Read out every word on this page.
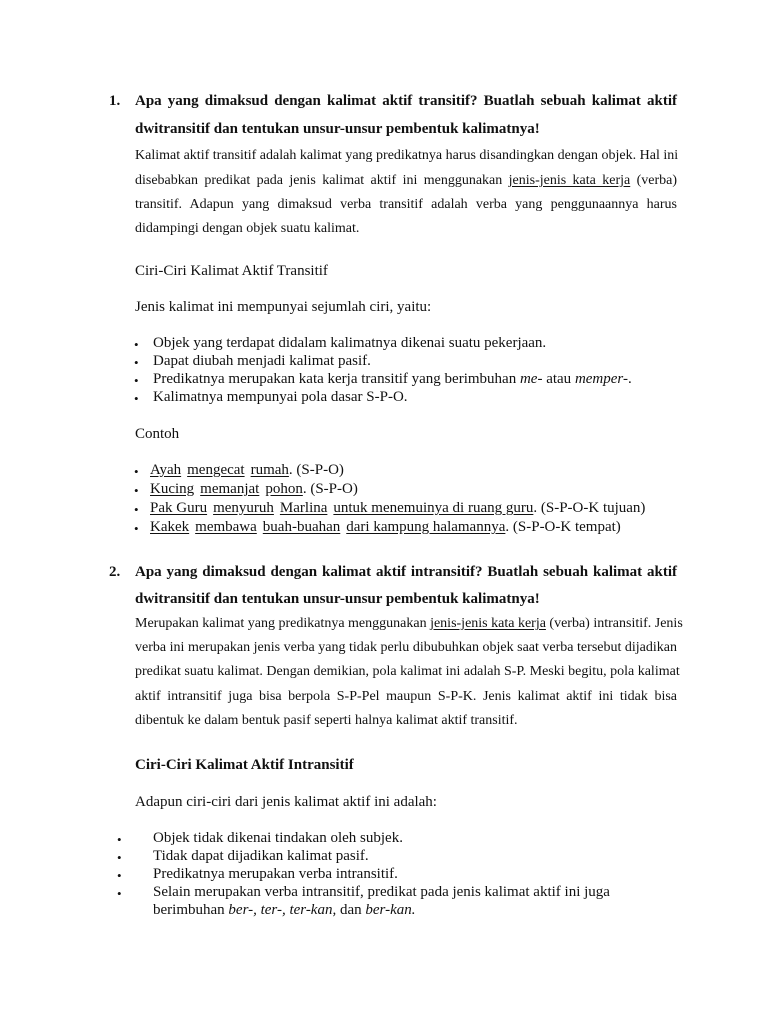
1. Apa yang dimaksud dengan kalimat aktif transitif? Buatlah sebuah kalimat aktif
dwitransitif dan tentukan unsur-unsur pembentuk kalimatnya!
Kalimat aktif transitif adalah kalimat yang predikatnya harus disandingkan dengan objek. Hal ini
disebabkan predikat pada jenis kalimat aktif ini menggunakan jenis-jenis kata kerja (verba)
transitif. Adapun yang dimaksud verba transitif adalah verba yang penggunaannya harus
didampingi dengan objek suatu kalimat.
Ciri-Ciri Kalimat Aktif Transitif
Jenis kalimat ini mempunyai sejumlah ciri, yaitu:
• Objek yang terdapat didalam kalimatnya dikenai suatu pekerjaan.
• Dapat diubah menjadi kalimat pasif.
• Predikatnya merupakan kata kerja transitif yang berimbuhan me- atau memper-.
• Kalimatnya mempunyai pola dasar S-P-O.
Contoh
• Ayah mengecat rumah. (S-P-O)
• Kucing memanjat pohon. (S-P-O)
• Pak Guru menyuruh Marlina untuk menemuinya di ruang guru. (S-P-O-K tujuan)
• Kakek membawa buah-buahan dari kampung halamannya. (S-P-O-K tempat)
2. Apa yang dimaksud dengan kalimat aktif intransitif? Buatlah sebuah kalimat aktif
dwitransitif dan tentukan unsur-unsur pembentuk kalimatnya!
Merupakan kalimat yang predikatnya menggunakan jenis-jenis kata kerja (verba) intransitif. Jenis
verba ini merupakan jenis verba yang tidak perlu dibubuhkan objek saat verba tersebut dijadikan
predikat suatu kalimat. Dengan demikian, pola kalimat ini adalah S-P. Meski begitu, pola kalimat
aktif intransitif juga bisa berpola S-P-Pel maupun S-P-K. Jenis kalimat aktif ini tidak bisa
dibentuk ke dalam bentuk pasif seperti halnya kalimat aktif transitif.
Ciri-Ciri Kalimat Aktif Intransitif
Adapun ciri-ciri dari jenis kalimat aktif ini adalah:
• Objek tidak dikenai tindakan oleh subjek.
• Tidak dapat dijadikan kalimat pasif.
• Predikatnya merupakan verba intransitif.
• Selain merupakan verba intransitif, predikat pada jenis kalimat aktif ini juga
berimbuhan ber-, ter-, ter-kan, dan ber-kan.
